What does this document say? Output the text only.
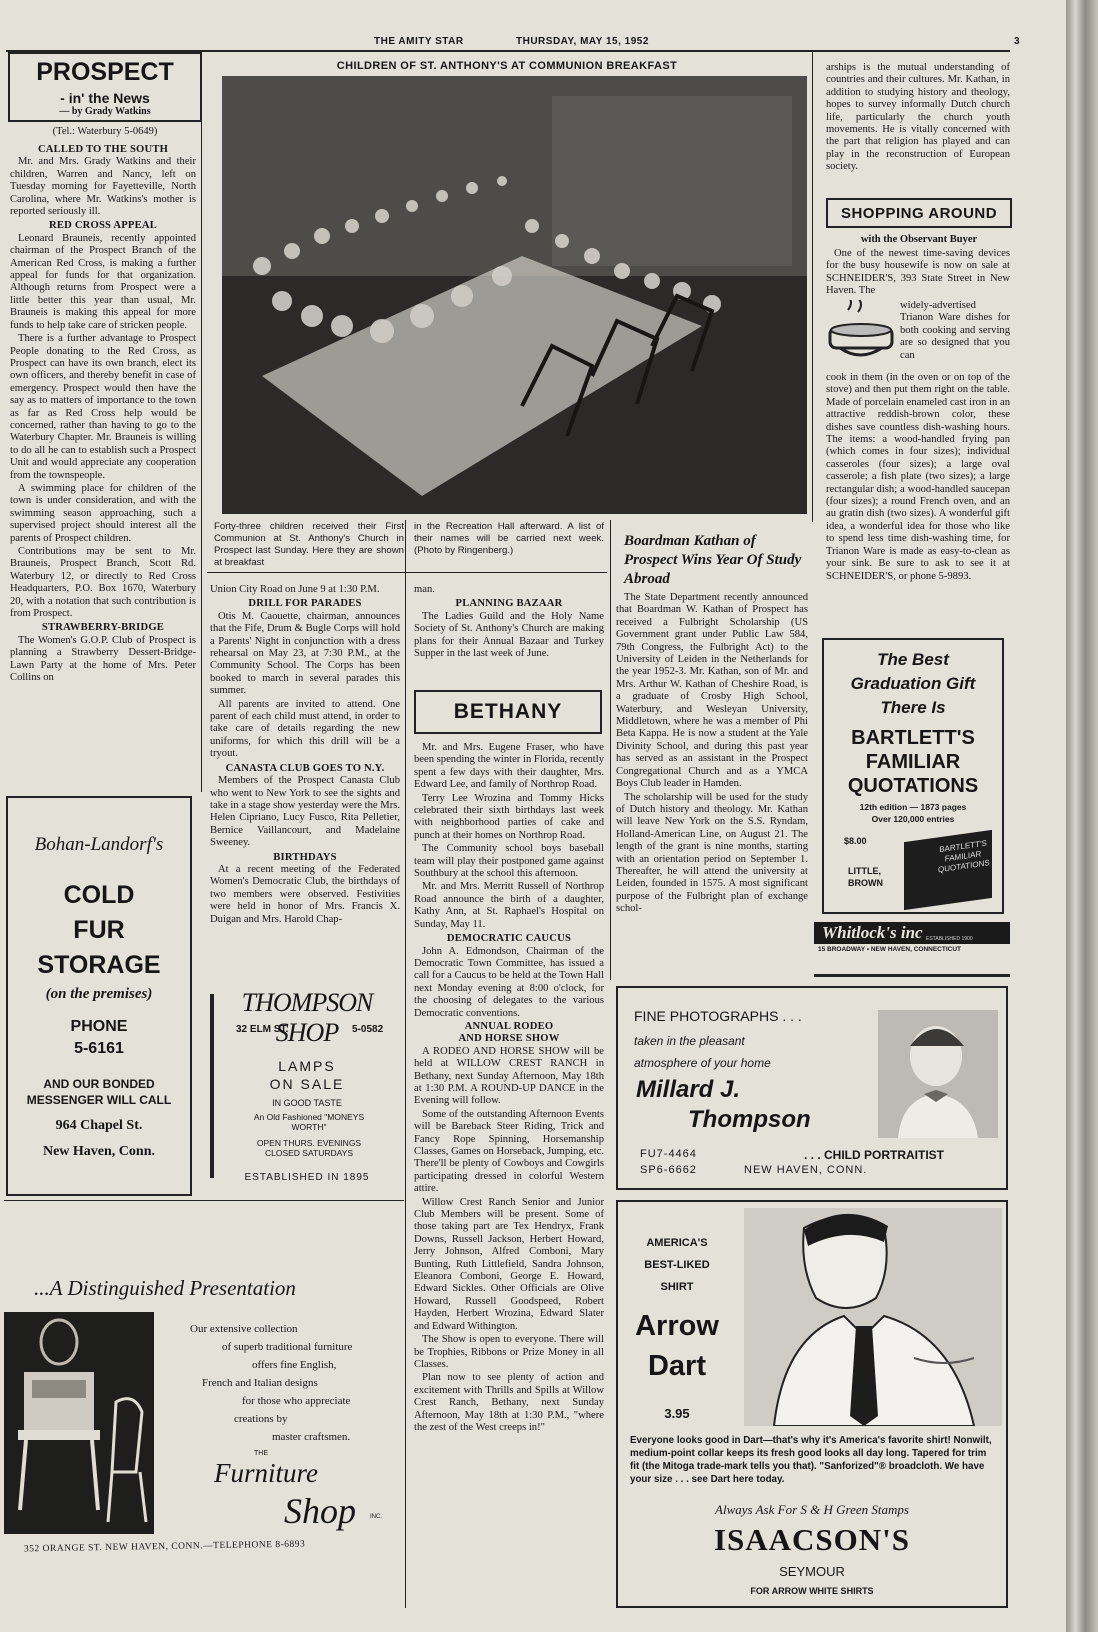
THE AMITY STAR	THURSDAY, MAY 15, 1952	3
PROSPECT
- in' the News
— by Grady Watkins
(Tel.: Waterbury 5-0649)

CALLED TO THE SOUTH

Mr. and Mrs. Grady Watkins and their children, Warren and Nancy, left on Tuesday morning for Fayetteville, North Carolina, where Mr. Watkins's mother is reported seriously ill.

RED CROSS APPEAL

Leonard Brauneis, recently appointed chairman of the Prospect Branch of the American Red Cross, is making a further appeal for funds for that organization. Although returns from Prospect were a little better this year than usual, Mr. Brauneis is making this appeal for more funds to help take care of stricken people.

There is a further advantage to Prospect People donating to the Red Cross, as Prospect can have its own branch, elect its own officers, and thereby benefit in case of emergency. Prospect would then have the say as to matters of importance to the town as far as Red Cross help would be concerned, rather than having to go to the Waterbury Chapter. Mr. Brauneis is willing to do all he can to establish such a Prospect Unit and would appreciate any cooperation from the townspeople.

A swimming place for children of the town is under consideration, and with the swimming season approaching, such a supervised project should interest all the parents of Prospect children.

Contributions may be sent to Mr. Brauneis, Prospect Branch, Scott Rd. Waterbury 12, or directly to Red Cross Headquarters, P.O. Box 1670, Waterbury 20, with a notation that such contribution is from Prospect.

STRAWBERRY-BRIDGE

The Women's G.O.P. Club of Prospect is planning a Strawberry Dessert-Bridge-Lawn Party at the home of Mrs. Peter Collins on

CHILDREN OF ST. ANTHONY'S AT COMMUNION BREAKFAST
Forty-three children received their First Communion at St. Anthony's Church in Prospect last Sunday. Here they are shown at breakfast
in the Recreation Hall afterward. A list of their names will be carried next week. (Photo by Ringenberg.)

Union City Road on June 9 at 1:30 P.M.

DRILL FOR PARADES

Otis M. Caouette, chairman, announces that the Fife, Drum & Bugle Corps will hold a Parents' Night in conjunction with a dress rehearsal on May 23, at 7:30 P.M., at the Community School. The Corps has been booked to march in several parades this summer.

All parents are invited to attend. One parent of each child must attend, in order to take care of details regarding the new uniforms, for which this drill will be a tryout.

CANASTA CLUB GOES TO N.Y.

Members of the Prospect Canasta Club who went to New York to see the sights and take in a stage show yesterday were the Mrs. Helen Cipriano, Lucy Fusco, Rita Pelletier, Bernice Vaillancourt, and Madelaine Sweeney.

BIRTHDAYS

At a recent meeting of the Federated Women's Democratic Club, the birthdays of two members were observed. Festivities were held in honor of Mrs. Francis X. Duigan and Mrs. Harold Chap-

man.

PLANNING BAZAAR

The Ladies Guild and the Holy Name Society of St. Anthony's Church are making plans for their Annual Bazaar and Turkey Supper in the last week of June.

BETHANY

Mr. and Mrs. Eugene Fraser, who have been spending the winter in Florida, recently spent a few days with their daughter, Mrs. Edward Lee, and family of Northrop Road.

Terry Lee Wrozina and Tommy Hicks celebrated their sixth birthdays last week with neighborhood parties of cake and punch at their homes on Northrop Road.

The Community school boys baseball team will play their postponed game against Southbury at the school this afternoon.

Mr. and Mrs. Merritt Russell of Northrop Road announce the birth of a daughter, Kathy Ann, at St. Raphael's Hospital on Sunday, May 11.

DEMOCRATIC CAUCUS

John A. Edmondson, Chairman of the Democratic Town Committee, has issued a call for a Caucus to be held at the Town Hall next Monday evening at 8:00 o'clock, for the choosing of delegates to the various Democratic conventions.

ANNUAL RODEO

AND HORSE SHOW

A RODEO AND HORSE SHOW will be held at WILLOW CREST RANCH in Bethany, next Sunday Afternoon, May 18th at 1:30 P.M. A ROUND-UP DANCE in the Evening will follow.

Some of the outstanding Afternoon Events will be Bareback Steer Riding, Trick and Fancy Rope Spinning, Horsemanship Classes, Games on Horseback, Jumping, etc. There'll be plenty of Cowboys and Cowgirls participating dressed in colorful Western attire.

Willow Crest Ranch Senior and Junior Club Members will be present. Some of those taking part are Tex Hendryx, Frank Downs, Russell Jackson, Herbert Howard, Jerry Johnson, Alfred Comboni, Mary Bunting, Ruth Littlefield, Sandra Johnson, Eleanora Comboni, George E. Howard, Edward Sickles. Other Officials are Olive Howard, Russell Goodspeed, Robert Hayden, Herbert Wrozina, Edward Slater and Edward Withington.

The Show is open to everyone. There will be Trophies, Ribbons or Prize Money in all Classes.

Plan now to see plenty of action and excitement with Thrills and Spills at Willow Crest Ranch, Bethany, next Sunday Afternoon, May 18th at 1:30 P.M., "where the zest of the West creeps in!"

Boardman Kathan of Prospect Wins Year Of Study Abroad

The State Department recently announced that Boardman W. Kathan of Prospect has received a Fulbright Scholarship (US Government grant under Public Law 584, 79th Congress, the Fulbright Act) to the University of Leiden in the Netherlands for the year 1952-3. Mr. Kathan, son of Mr. and Mrs. Arthur W. Kathan of Cheshire Road, is a graduate of Crosby High School, Waterbury, and Wesleyan University, Middletown, where he was a member of Phi Beta Kappa. He is now a student at the Yale Divinity School, and during this past year has served as an assistant in the Prospect Congregational Church and as a YMCA Boys Club leader in Hamden.

The scholarship will be used for the study of Dutch history and theology. Mr. Kathan will leave New York on the S.S. Ryndam, Holland-American Line, on August 21. The length of the grant is nine months, starting with an orientation period on September 1. Thereafter, he will attend the university at Leiden, founded in 1575. A most significant purpose of the Fulbright plan of exchange schol-

arships is the mutual understanding of countries and their cultures. Mr. Kathan, in addition to studying history and theology, hopes to survey informally Dutch church life, particularly the church youth movements. He is vitally concerned with the part that religion has played and can play in the reconstruction of European society.

SHOPPING AROUND
with the Observant Buyer

One of the newest time-saving devices for the busy housewife is now on sale at SCHNEIDER'S, 393 State Street in New Haven. The

widely-advertised Trianon Ware dishes for both cooking and serving are so designed that you can

cook in them (in the oven or on top of the stove) and then put them right on the table. Made of porcelain enameled cast iron in an attractive reddish-brown color, these dishes save countless dish-washing hours. The items: a wood-handled frying pan (which comes in four sizes); individual casseroles (four sizes); a large oval casserole; a fish plate (two sizes); a large rectangular dish; a wood-handled saucepan (four sizes); a round French oven, and an au gratin dish (two sizes). A wonderful gift idea, a wonderful idea for those who like to spend less time dish-washing time, for Trianon Ware is made as easy-to-clean as your sink. Be sure to ask to see it at SCHNEIDER'S, or phone 5-9893.

The Best
Graduation Gift
There Is
BARTLETT'S
FAMILIAR
QUOTATIONS
12th edition — 1873 pages
Over 120,000 entries
$8.00
LITTLE,
BROWN
BARTLETT'S FAMILIAR QUOTATIONS
Whitlock's inc ESTABLISHED 1900
15 BROADWAY • NEW HAVEN, CONNECTICUT
Bohan-Landorf's
COLD
FUR
STORAGE
(on the premises)
PHONE
5-6161
AND OUR BONDED MESSENGER WILL CALL
964 Chapel St.
New Haven, Conn.
THOMPSON SHOP
32 ELM ST.	5-0582
LAMPS
ON SALE
IN GOOD TASTE
An Old Fashioned "MONEYS WORTH"
OPEN THURS. EVENINGS CLOSED SATURDAYS
ESTABLISHED IN 1895
...A Distinguished Presentation
Our extensive collection
of superb traditional furniture
offers fine English,
French and Italian designs
for those who appreciate
creations by
master craftsmen.
THE
Furniture
Shop INC.
352 ORANGE ST. NEW HAVEN, CONN.—TELEPHONE 8-6893
FINE PHOTOGRAPHS . . .
taken in the pleasant
atmosphere of your home
Millard J.
Thompson
FU7-4464
SP6-6662
. . . CHILD PORTRAITIST
NEW HAVEN, CONN.
AMERICA'S
BEST-LIKED
SHIRT
Arrow
Dart
3.95
Everyone looks good in Dart—that's why it's America's favorite shirt! Nonwilt, medium-point collar keeps its fresh good looks all day long. Tapered for trim fit (the Mitoga trade-mark tells you that). "Sanforized"® broadcloth. We have your size . . . see Dart here today.
Always Ask For S & H Green Stamps
ISAACSON'S
SEYMOUR
FOR ARROW WHITE SHIRTS
